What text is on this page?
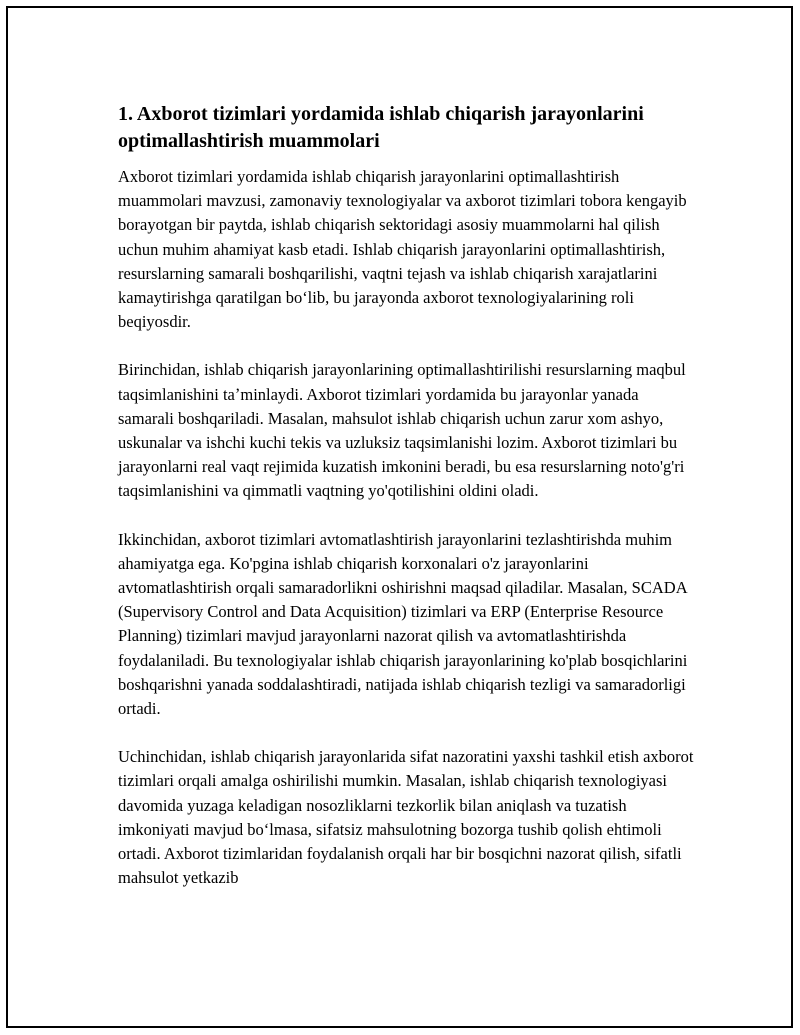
1. Axborot tizimlari yordamida ishlab chiqarish jarayonlarini optimallashtirish muammolari

Axborot tizimlari yordamida ishlab chiqarish jarayonlarini optimallashtirish muammolari mavzusi, zamonaviy texnologiyalar va axborot tizimlari tobora kengayib borayotgan bir paytda, ishlab chiqarish sektoridagi asosiy muammolarni hal qilish uchun muhim ahamiyat kasb etadi. Ishlab chiqarish jarayonlarini optimallashtirish, resurslarning samarali boshqarilishi, vaqtni tejash va ishlab chiqarish xarajatlarini kamaytirishga qaratilgan boʻlib, bu jarayonda axborot texnologiyalarining roli beqiyosdir.

Birinchidan, ishlab chiqarish jarayonlarining optimallashtirilishi resurslarning maqbul taqsimlanishini taʼminlaydi. Axborot tizimlari yordamida bu jarayonlar yanada samarali boshqariladi. Masalan, mahsulot ishlab chiqarish uchun zarur xom ashyo, uskunalar va ishchi kuchi tekis va uzluksiz taqsimlanishi lozim. Axborot tizimlari bu jarayonlarni real vaqt rejimida kuzatish imkonini beradi, bu esa resurslarning noto'g'ri taqsimlanishini va qimmatli vaqtning yo'qotilishini oldini oladi.

Ikkinchidan, axborot tizimlari avtomatlashtirish jarayonlarini tezlashtirishda muhim ahamiyatga ega. Ko'pgina ishlab chiqarish korxonalari o'z jarayonlarini avtomatlashtirish orqali samaradorlikni oshirishni maqsad qiladilar. Masalan, SCADA (Supervisory Control and Data Acquisition) tizimlari va ERP (Enterprise Resource Planning) tizimlari mavjud jarayonlarni nazorat qilish va avtomatlashtirishda foydalaniladi. Bu texnologiyalar ishlab chiqarish jarayonlarining ko'plab bosqichlarini boshqarishni yanada soddalashtiradi, natijada ishlab chiqarish tezligi va samaradorligi ortadi.

Uchinchidan, ishlab chiqarish jarayonlarida sifat nazoratini yaxshi tashkil etish axborot tizimlari orqali amalga oshirilishi mumkin. Masalan, ishlab chiqarish texnologiyasi davomida yuzaga keladigan nosozliklarni tezkorlik bilan aniqlash va tuzatish imkoniyati mavjud boʻlmasa, sifatsiz mahsulotning bozorga tushib qolish ehtimoli ortadi. Axborot tizimlaridan foydalanish orqali har bir bosqichni nazorat qilish, sifatli mahsulot yetkazib
